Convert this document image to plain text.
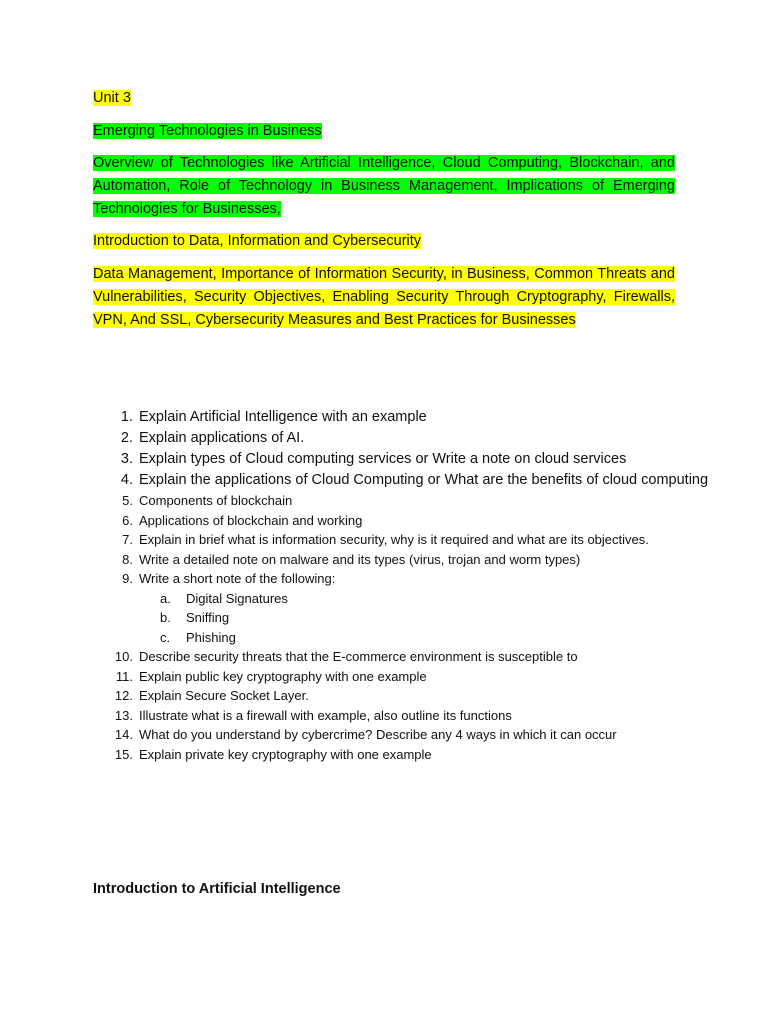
Unit 3

Emerging Technologies in Business

Overview of Technologies like Artificial Intelligence, Cloud Computing, Blockchain, and Automation, Role of Technology in Business Management, Implications of Emerging Technologies for Businesses,

Introduction to Data, Information and Cybersecurity

Data Management, Importance of Information Security, in Business, Common Threats and Vulnerabilities, Security Objectives, Enabling Security Through Cryptography, Firewalls, VPN, And SSL, Cybersecurity Measures and Best Practices for Businesses

1. Explain Artificial Intelligence with an example
2. Explain applications of AI.
3. Explain types of Cloud computing services or Write a note on cloud services
4. Explain the applications of Cloud Computing or What are the benefits of cloud computing
5. Components of blockchain
6. Applications of blockchain and working
7. Explain in brief what is information security, why is it required and what are its objectives.
8. Write a detailed note on malware and its types (virus, trojan and worm types)
9. Write a short note of the following:
a.	Digital Signatures
b.	Sniffing
c.	Phishing
10. Describe security threats that the E-commerce environment is susceptible to
11. Explain public key cryptography with one example
12. Explain Secure Socket Layer.
13. Illustrate what is a firewall with example, also outline its functions
14. What do you understand by cybercrime? Describe any 4 ways in which it can occur
15. Explain private key cryptography with one example

Introduction to Artificial Intelligence
